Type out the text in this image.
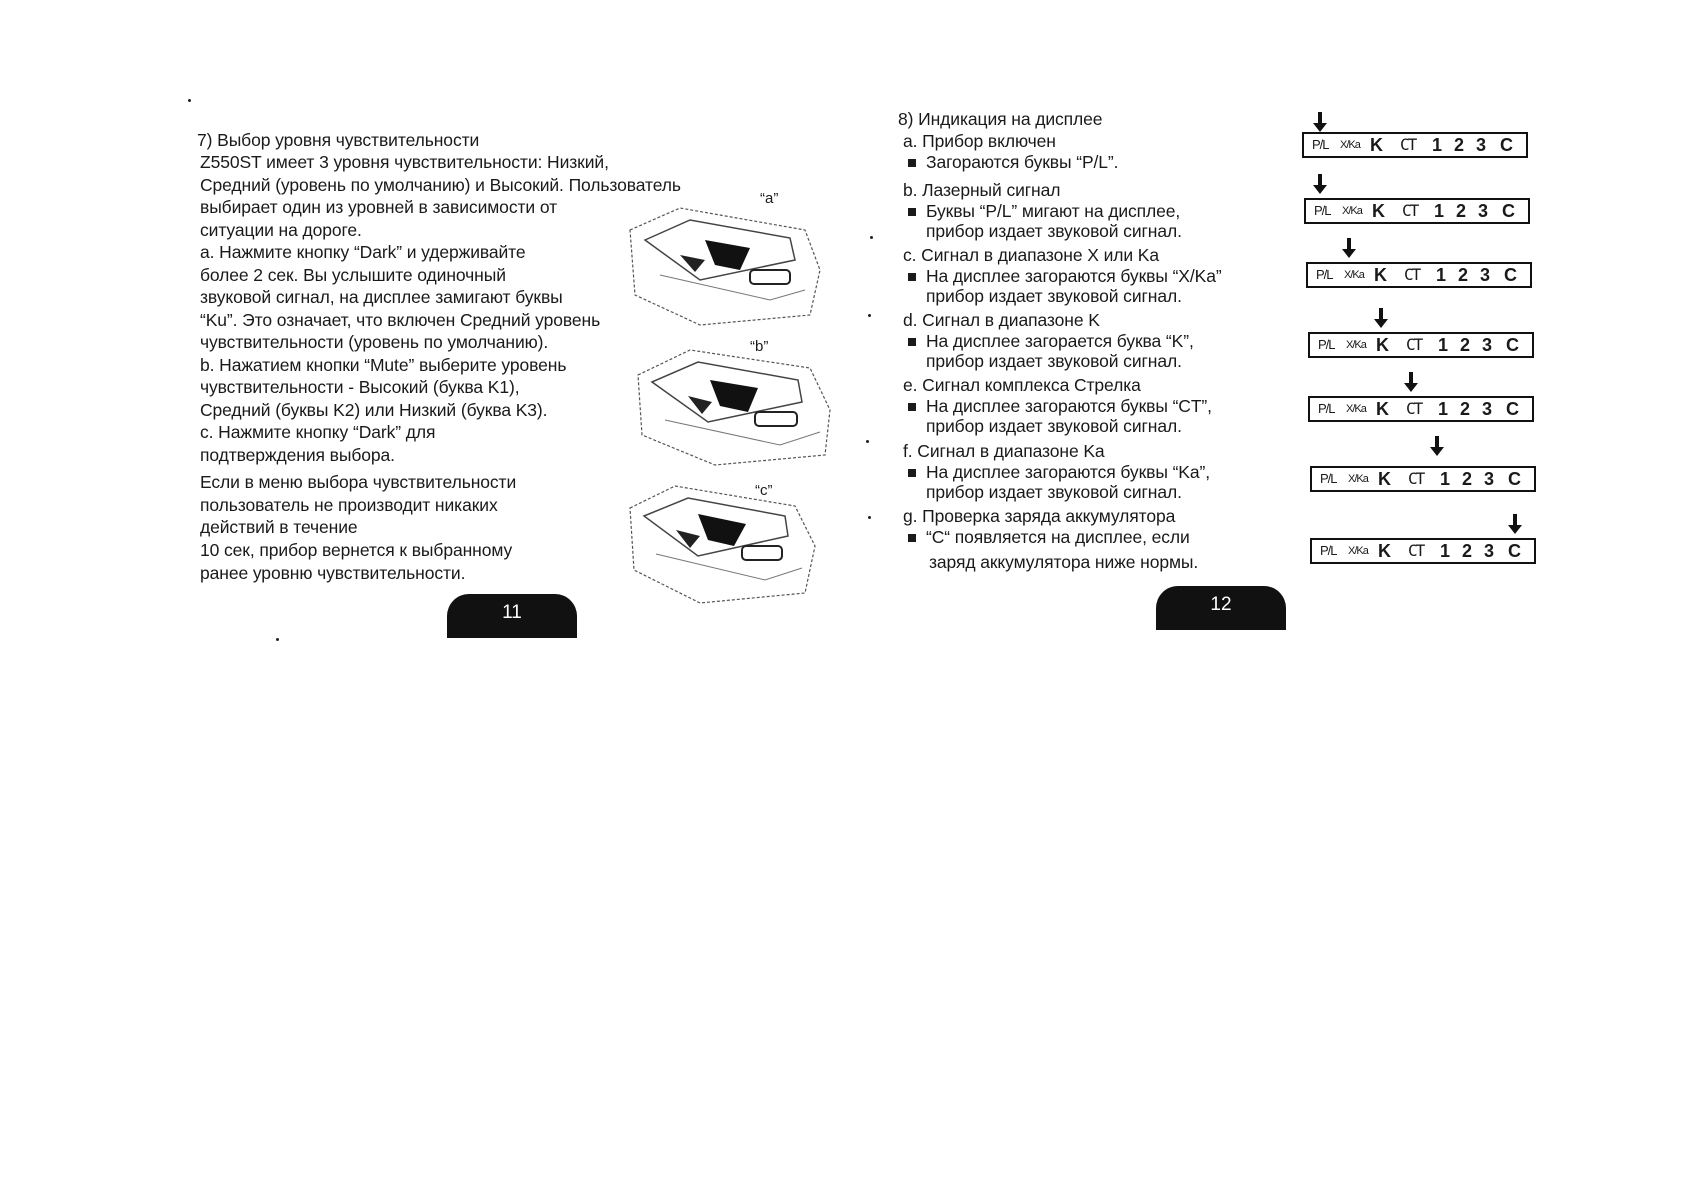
7) Выбор уровня чувствительности
Z550ST имеет 3 уровня чувствительности: Низкий,
Средний (уровень по умолчанию) и Высокий. Пользователь
выбирает один из уровней в зависимости от
ситуации на дороге.
a. Нажмите кнопку “Dark” и удерживайте
более 2 сек. Вы услышите одиночный
звуковой сигнал, на дисплее замигают буквы
“Ku”. Это означает, что включен Средний уровень
чувствительности (уровень по умолчанию).
b. Нажатием кнопки “Mute” выберите уровень
чувствительности - Высокий (буква K1),
Средний (буквы K2) или Низкий (буква K3).
c. Нажмите кнопку “Dark” для
подтверждения выбора.
Если в меню выбора чувствительности
пользователь не производит никаких
действий в течение
10 сек, прибор вернется к выбранному
ранее уровню чувствительности.
“a”
“b”
“c”
11
8) Индикация на дисплее
a. Прибор включен
Загораются буквы “P/L”.
b. Лазерный сигнал
Буквы “P/L” мигают на дисплее,
прибор издает звуковой сигнал.
c. Сигнал в диапазоне X или Ka
На дисплее загораются буквы “X/Ka”
прибор издает звуковой сигнал.
d. Сигнал в диапазоне K
На дисплее загорается буква “K”,
прибор издает звуковой сигнал.
e. Сигнал комплекса Стрелка
На дисплее загораются буквы “CT”,
прибор издает звуковой сигнал.
f. Сигнал в диапазоне Ka
На дисплее загораются буквы “Ka”,
прибор издает звуковой сигнал.
g. Проверка заряда аккумулятора
“C“ появляется на дисплее, если
заряд аккумулятора ниже нормы.
12
P/L X/Ka K CT 1 2 3 C
P/L X/Ka K CT 1 2 3 C
P/L X/Ka K CT 1 2 3 C
P/L X/Ka K CT 1 2 3 C
P/L X/Ka K CT 1 2 3 C
P/L X/Ka K CT 1 2 3 C
P/L X/Ka K CT 1 2 3 C
